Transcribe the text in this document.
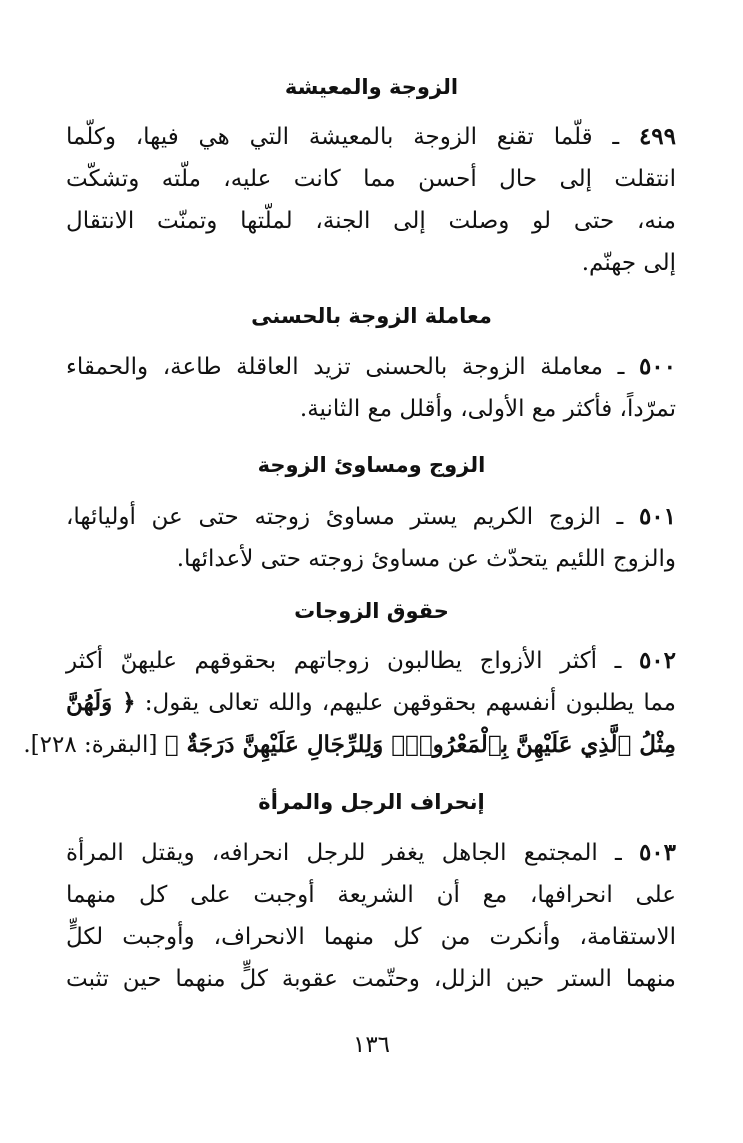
الزوجة والمعيشة
٤٩٩ ـ قلّما تقنع الزوجة بالمعيشة التي هي فيها، وكلّما
انتقلت إلى حال أحسن مما كانت عليه، ملّته وتشكّت
منه، حتى لو وصلت إلى الجنة، لملّتها وتمنّت الانتقال
إلى جهنّم.
معاملة الزوجة بالحسنى
٥٠٠ ـ معاملة الزوجة بالحسنى تزيد العاقلة طاعة، والحمقاء
تمرّداً، فأكثر مع الأولى، وأقلل مع الثانية.
الزوج ومساوئ الزوجة
٥٠١ ـ الزوج الكريم يستر مساوئ زوجته حتى عن أوليائها،
والزوج اللئيم يتحدّث عن مساوئ زوجته حتى لأعدائها.
حقوق الزوجات
٥٠٢ ـ أكثر الأزواج يطالبون زوجاتهم بحقوقهم عليهنّ أكثر
مما يطلبون أنفسهم بحقوقهن عليهم، والله تعالى يقول: ﴿ وَلَهُنَّ
مِثْلُ ٱلَّذِي عَلَيْهِنَّ بِٱلْمَعْرُوفِۚ وَلِلرِّجَالِ عَلَيْهِنَّ دَرَجَةٌ ﴾ [البقرة: ٢٢٨].
إنحراف الرجل والمرأة
٥٠٣ ـ المجتمع الجاهل يغفر للرجل انحرافه، ويقتل المرأة
على انحرافها، مع أن الشريعة أوجبت على كل منهما
الاستقامة، وأنكرت من كل منهما الانحراف، وأوجبت لكلٍّ
منهما الستر حين الزلل، وحتّمت عقوبة كلٍّ منهما حين تثبت
١٣٦
